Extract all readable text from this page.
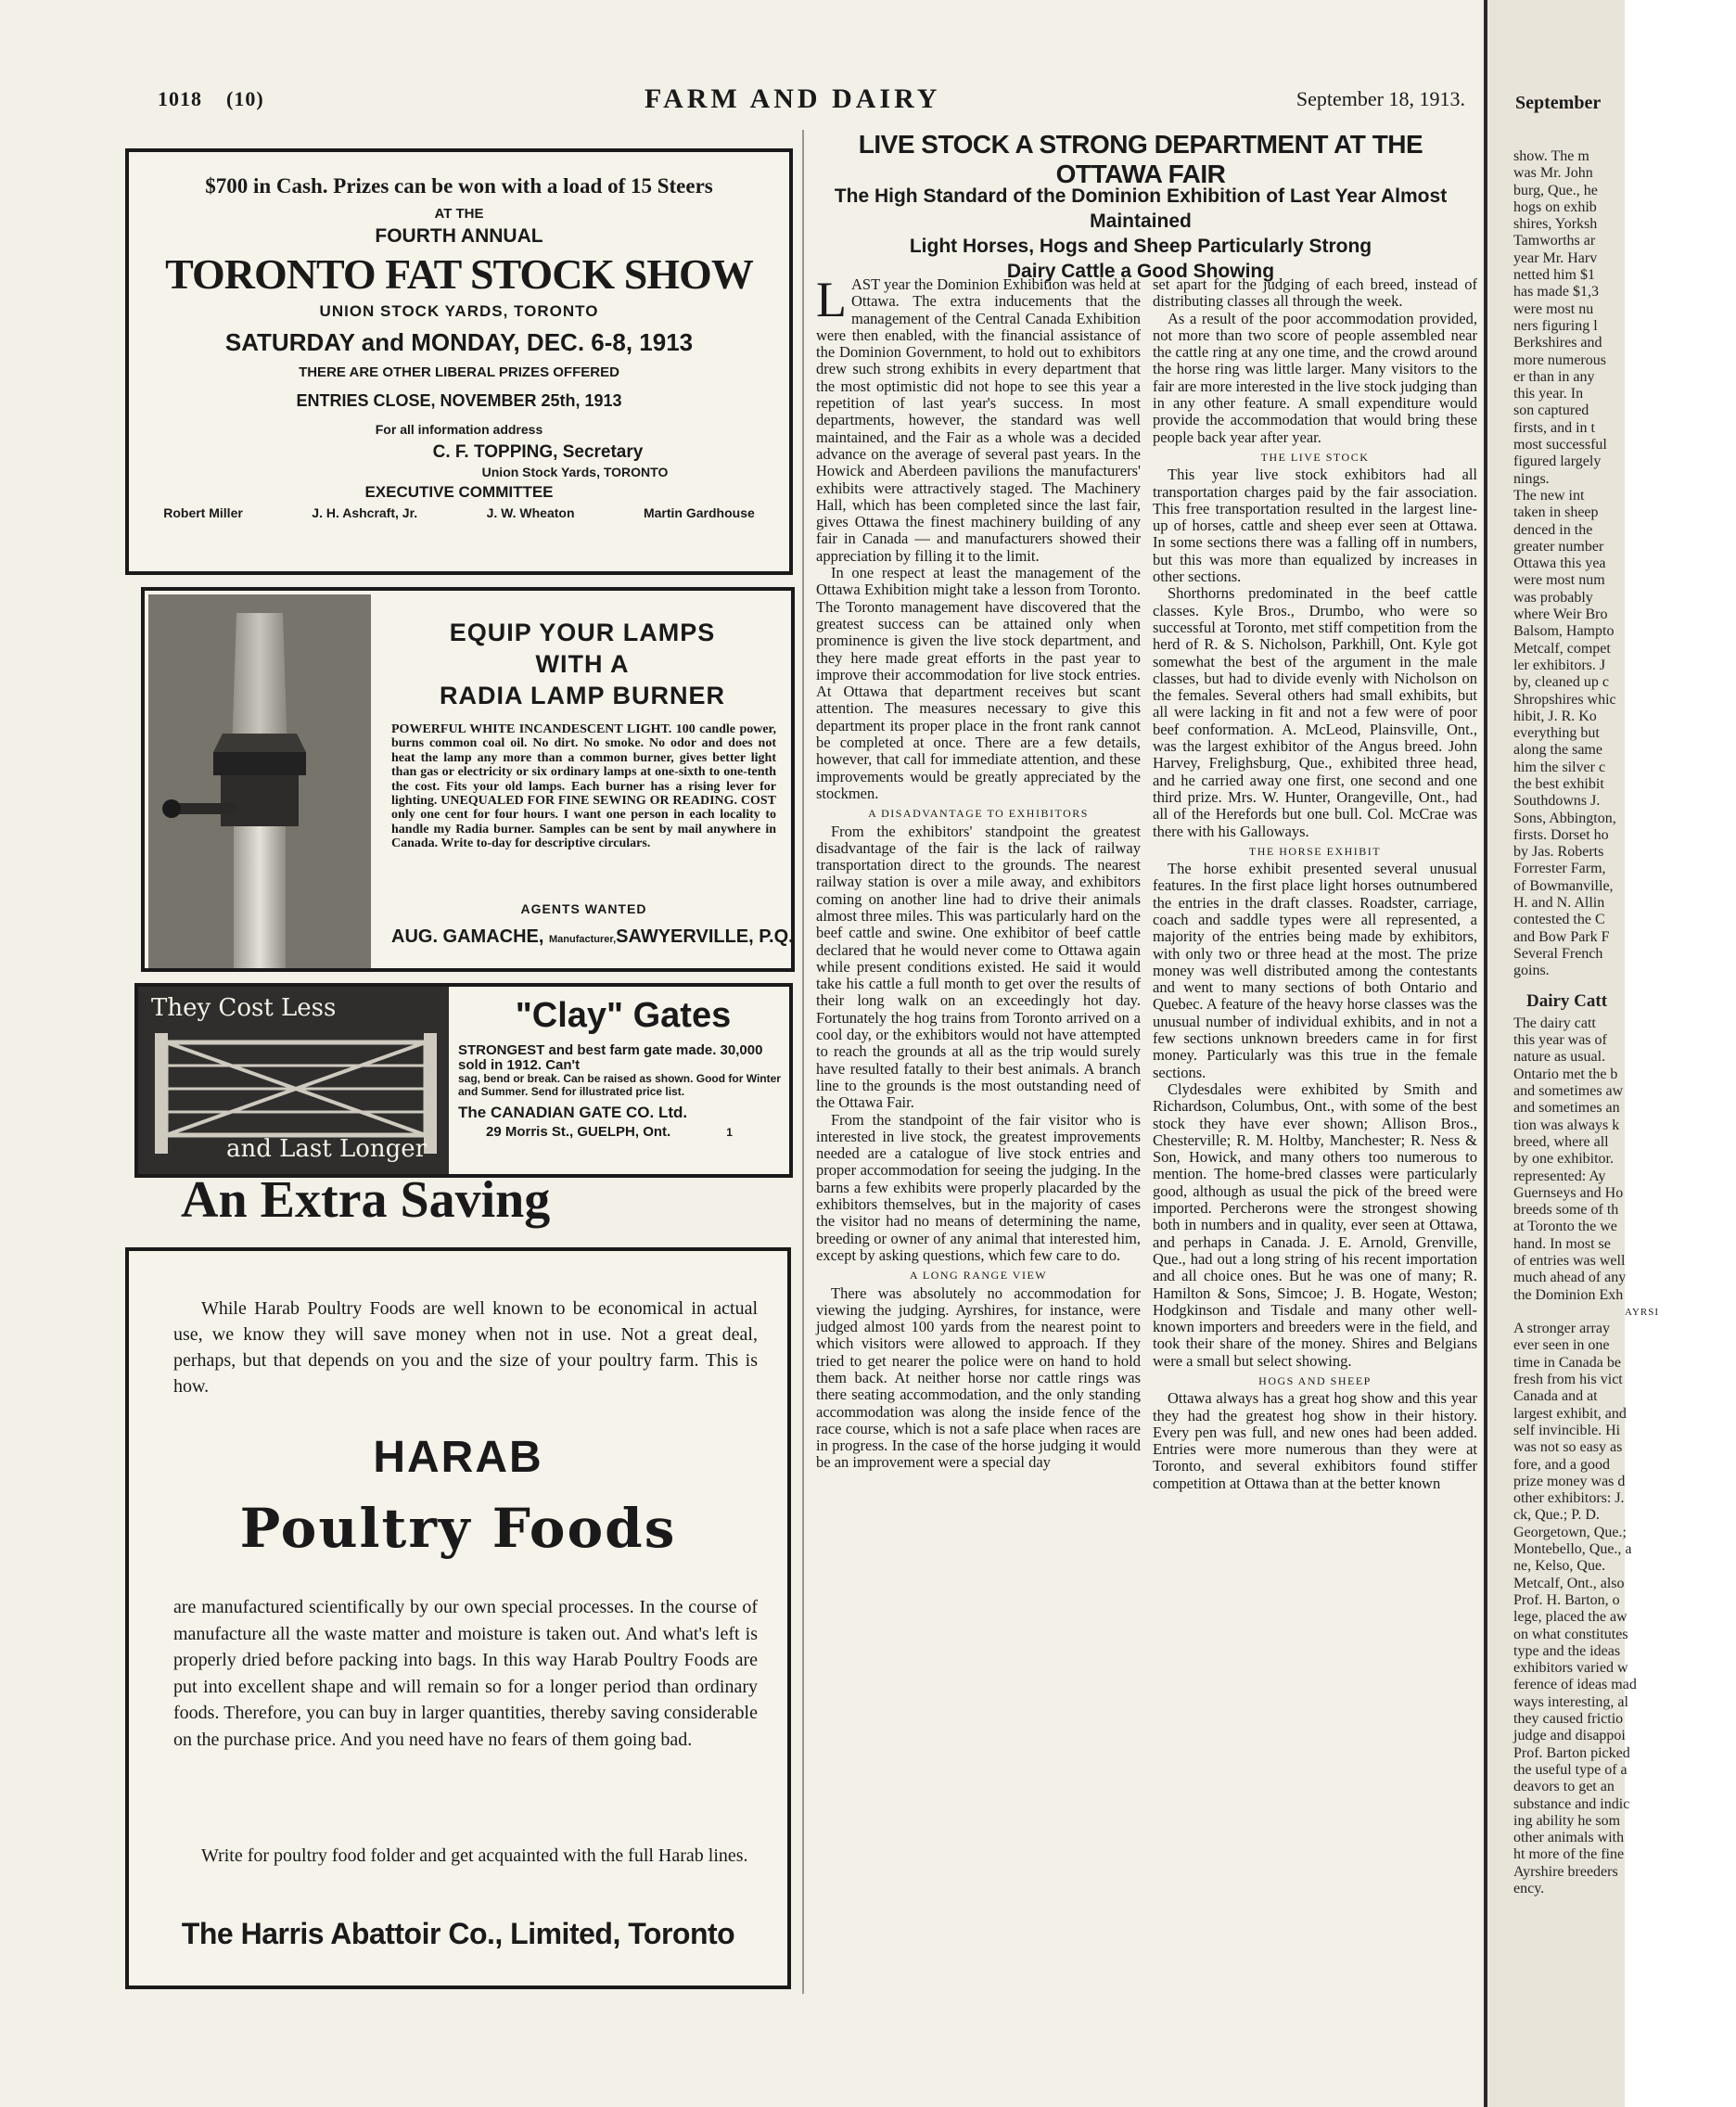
1018 (10)	FARM AND DAIRY	September 18, 1913.
$700 in Cash. Prizes can be won with a load of 15 Steers
AT THE
FOURTH ANNUAL
TORONTO FAT STOCK SHOW
UNION STOCK YARDS, TORONTO
SATURDAY and MONDAY, DEC. 6-8, 1913
THERE ARE OTHER LIBERAL PRIZES OFFERED
ENTRIES CLOSE, NOVEMBER 25th, 1913
For all information address
C. F. TOPPING, Secretary
Union Stock Yards, TORONTO
EXECUTIVE COMMITTEE
Robert Miller	J. H. Ashcraft, Jr.	J. W. Wheaton	Martin Gardhouse
EQUIP YOUR LAMPS
WITH A
RADIA LAMP BURNER
POWERFUL WHITE INCANDESCENT LIGHT. 100 candle power, burns common coal oil. No dirt. No smoke. No odor and does not heat the lamp any more than a common burner, gives better light than gas or electricity or six ordinary lamps at one-sixth to one-tenth the cost. Fits your old lamps. Each burner has a rising lever for lighting. UNEQUALED FOR FINE SEWING OR READING. COST only one cent for four hours. I want one person in each locality to handle my Radia burner. Samples can be sent by mail anywhere in Canada. Write to-day for descriptive circulars.
AGENTS WANTED
AUG. GAMACHE, Manufacturer,SAWYERVILLE, P.Q.
They Cost Less
and Last Longer
"Clay" Gates
STRONGEST and best farm gate made. 30,000 sold in 1912. Can't
sag, bend or break. Can be raised as shown. Good for Winter and Summer. Send for illustrated price list.
The CANADIAN GATE CO. Ltd.
29 Morris St., GUELPH, Ont.	1
An Extra Saving
While Harab Poultry Foods are well known to be economical in actual use, we know they will save money when not in use. Not a great deal, perhaps, but that depends on you and the size of your poultry farm. This is how.
HARAB
Poultry Foods
are manufactured scientifically by our own special processes. In the course of manufacture all the waste matter and moisture is taken out. And what's left is properly dried before packing into bags. In this way Harab Poultry Foods are put into excellent shape and will remain so for a longer period than ordinary foods. Therefore, you can buy in larger quantities, thereby saving considerable on the purchase price. And you need have no fears of them going bad.
Write for poultry food folder and get acquainted with the full Harab lines.
The Harris Abattoir Co., Limited, Toronto
LIVE STOCK A STRONG DEPARTMENT AT THE OTTAWA FAIR
The High Standard of the Dominion Exhibition of Last Year Almost Maintained
Light Horses, Hogs and Sheep Particularly Strong
Dairy Cattle a Good Showing

LAST year the Dominion Exhibition was held at Ottawa. The extra inducements that the management of the Central Canada Exhibition were then enabled, with the financial assistance of the Dominion Government, to hold out to exhibitors drew such strong exhibits in every department that the most optimistic did not hope to see this year a repetition of last year's success. In most departments, however, the standard was well maintained, and the Fair as a whole was a decided advance on the average of several past years. In the Howick and Aberdeen pavilions the manufacturers' exhibits were attractively staged. The Machinery Hall, which has been completed since the last fair, gives Ottawa the finest machinery building of any fair in Canada — and manufacturers showed their appreciation by filling it to the limit.

In one respect at least the management of the Ottawa Exhibition might take a lesson from Toronto. The Toronto management have discovered that the greatest success can be attained only when prominence is given the live stock department, and they here made great efforts in the past year to improve their accommodation for live stock entries. At Ottawa that department receives but scant attention. The measures necessary to give this department its proper place in the front rank cannot be completed at once. There are a few details, however, that call for immediate attention, and these improvements would be greatly appreciated by the stockmen.

A DISADVANTAGE TO EXHIBITORS

From the exhibitors' standpoint the greatest disadvantage of the fair is the lack of railway transportation direct to the grounds. The nearest railway station is over a mile away, and exhibitors coming on another line had to drive their animals almost three miles. This was particularly hard on the beef cattle and swine. One exhibitor of beef cattle declared that he would never come to Ottawa again while present conditions existed. He said it would take his cattle a full month to get over the results of their long walk on an exceedingly hot day. Fortunately the hog trains from Toronto arrived on a cool day, or the exhibitors would not have attempted to reach the grounds at all as the trip would surely have resulted fatally to their best animals. A branch line to the grounds is the most outstanding need of the Ottawa Fair.

From the standpoint of the fair visitor who is interested in live stock, the greatest improvements needed are a catalogue of live stock entries and proper accommodation for seeing the judging. In the barns a few exhibits were properly placarded by the exhibitors themselves, but in the majority of cases the visitor had no means of determining the name, breeding or owner of any animal that interested him, except by asking questions, which few care to do.

A LONG RANGE VIEW

There was absolutely no accommodation for viewing the judging. Ayrshires, for instance, were judged almost 100 yards from the nearest point to which visitors were allowed to approach. If they tried to get nearer the police were on hand to hold them back. At neither horse nor cattle rings was there seating accommodation, and the only standing accommodation was along the inside fence of the race course, which is not a safe place when races are in progress. In the case of the horse judging it would be an improvement were a special day

set apart for the judging of each breed, instead of distributing classes all through the week.

As a result of the poor accommodation provided, not more than two score of people assembled near the cattle ring at any one time, and the crowd around the horse ring was little larger. Many visitors to the fair are more interested in the live stock judging than in any other feature. A small expenditure would provide the accommodation that would bring these people back year after year.

THE LIVE STOCK

This year live stock exhibitors had all transportation charges paid by the fair association. This free transportation resulted in the largest line-up of horses, cattle and sheep ever seen at Ottawa. In some sections there was a falling off in numbers, but this was more than equalized by increases in other sections.

Shorthorns predominated in the beef cattle classes. Kyle Bros., Drumbo, who were so successful at Toronto, met stiff competition from the herd of R. & S. Nicholson, Parkhill, Ont. Kyle got somewhat the best of the argument in the male classes, but had to divide evenly with Nicholson on the females. Several others had small exhibits, but all were lacking in fit and not a few were of poor beef conformation. A. McLeod, Plainsville, Ont., was the largest exhibitor of the Angus breed. John Harvey, Frelighsburg, Que., exhibited three head, and he carried away one first, one second and one third prize. Mrs. W. Hunter, Orangeville, Ont., had all of the Herefords but one bull. Col. McCrae was there with his Galloways.

THE HORSE EXHIBIT

The horse exhibit presented several unusual features. In the first place light horses outnumbered the entries in the draft classes. Roadster, carriage, coach and saddle types were all represented, a majority of the entries being made by exhibitors, with only two or three head at the most. The prize money was well distributed among the contestants and went to many sections of both Ontario and Quebec. A feature of the heavy horse classes was the unusual number of individual exhibits, and in not a few sections unknown breeders came in for first money. Particularly was this true in the female sections.

Clydesdales were exhibited by Smith and Richardson, Columbus, Ont., with some of the best stock they have ever shown; Allison Bros., Chesterville; R. M. Holtby, Manchester; R. Ness & Son, Howick, and many others too numerous to mention. The home-bred classes were particularly good, although as usual the pick of the breed were imported. Percherons were the strongest showing both in numbers and in quality, ever seen at Ottawa, and perhaps in Canada. J. E. Arnold, Grenville, Que., had out a long string of his recent importation and all choice ones. But he was one of many; R. Hamilton & Sons, Simcoe; J. B. Hogate, Weston; Hodgkinson and Tisdale and many other well-known importers and breeders were in the field, and took their share of the money. Shires and Belgians were a small but select showing.

HOGS AND SHEEP

Ottawa always has a great hog show and this year they had the greatest hog show in their history. Every pen was full, and new ones had been added. Entries were more numerous than they were at Toronto, and several exhibitors found stiffer competition at Ottawa than at the better known

September
show. The m
was Mr. John
burg, Que., he
hogs on exhib
shires, Yorksh
Tamworths ar
year Mr. Harv
netted him $1
has made $1,3
were most nu
ners figuring l
Berkshires and
more numerous
er than in any
this year. In
son captured
firsts, and in t
most successful
figured largely
nings.
The new int
taken in sheep
denced in the
greater number
Ottawa this yea
were most num
was probably
where Weir Bro
Balsom, Hampto
Metcalf, compet
ler exhibitors. J
by, cleaned up c
Shropshires whic
hibit, J. R. Ko
everything but
along the same
him the silver c
the best exhibit
Southdowns J.
Sons, Abbington,
firsts. Dorset ho
by Jas. Roberts
Forrester Farm,
of Bowmanville,
H. and N. Allin
contested the C
and Bow Park F
Several French
goins.
Dairy Catt
The dairy catt
this year was of
nature as usual.
Ontario met the b
and sometimes aw
and sometimes an
tion was always k
breed, where all
by one exhibitor.
represented: Ay
Guernseys and Ho
breeds some of th
at Toronto the we
hand. In most se
of entries was well
much ahead of any
the Dominion Exh
AYRSI
A stronger array
ever seen in one
time in Canada be
fresh from his vict
Canada and at
largest exhibit, and
self invincible. Hi
was not so easy as
fore, and a good
prize money was d
other exhibitors: J.
ck, Que.; P. D.
Georgetown, Que.;
Montebello, Que., a
ne, Kelso, Que.
Metcalf, Ont., also
Prof. H. Barton, o
lege, placed the aw
on what constitutes
type and the ideas
exhibitors varied w
ference of ideas mad
ways interesting, al
they caused frictio
judge and disappoi
Prof. Barton picked
the useful type of a
deavors to get an
substance and indic
ing ability he som
other animals with
ht more of the fine
Ayrshire breeders
ency.
